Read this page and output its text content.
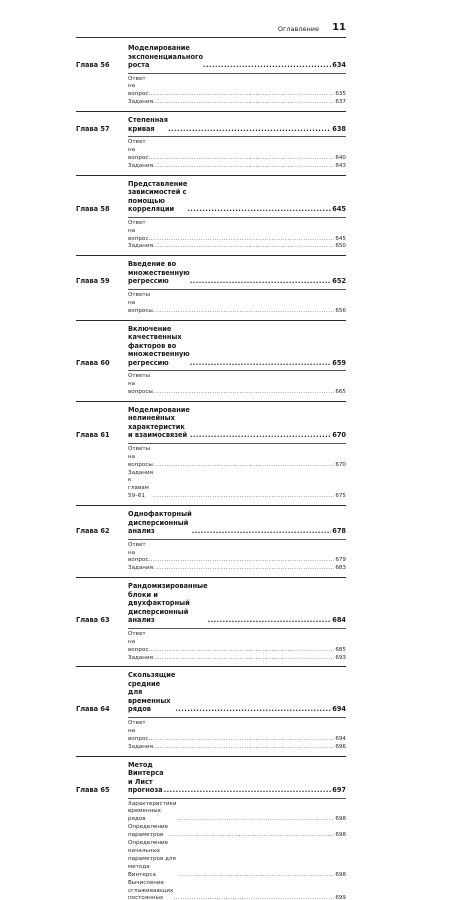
Оглавление 11
Глава 56
Моделирование экспоненциального роста .....	634
Ответ на вопрос .....	635
Задания .....	637
Глава 57
Степенная кривая .....	638
Ответ на вопрос .....	640
Задания .....	643
Глава 58
Представление зависимостей с помощью корреляции .....	645
Ответ на вопрос .....	645
Задания .....	650
Глава 59
Введение во множественную регрессию .....	652
Ответы на вопросы .....	656
Глава 60
Включение качественных факторов во множественную
регрессию .....	659
Ответы на вопросы .....	665
Глава 61
Моделирование нелинейных характеристик и взаимосвязей .....	670
Ответы на вопросы .....	670
Задания к главам 59–61 .....	675
Глава 62
Однофакторный дисперсионный анализ .....	678
Ответ на вопрос .....	679
Задания .....	683
Глава 63
Рандомизированные блоки и двухфакторный
дисперсионный анализ .....	684
Ответ на вопрос .....	685
Задания .....	693
Глава 64
Скользящие средние для временных рядов .....	694
Ответ на вопрос .....	694
Задания .....	696
Глава 65
Метод Винтерса и Лист прогноза .....	697
Характеристики временных рядов .....	698
Определение параметров .....	698
Определение начальных параметров для метода Винтерса .....	698
Вычисление сглаживающих постоянных .....	699
